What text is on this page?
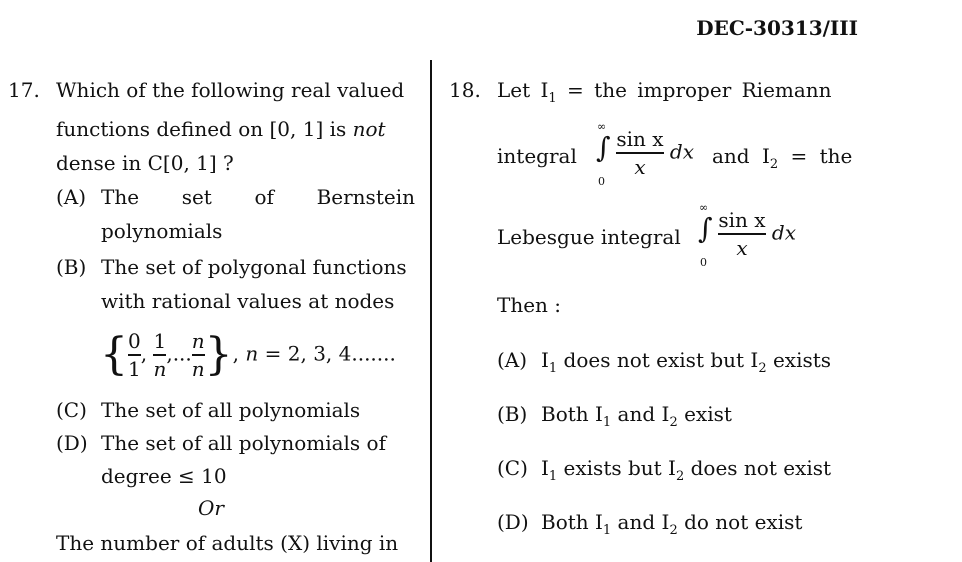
DEC-30313/III
17. Which of the following real valued
functions defined on [0, 1] is not
dense in C[0, 1] ?
(A) The set of Bernstein
polynomials
(B) The set of polygonal functions
with rational values at nodes
{ $\frac{0}{1}$ , $\frac{1}{n}$ ,... $\frac{n}{n}$ }, n = 2, 3, 4.......
(C) The set of all polynomials
(D) The set of all polynomials of
degree ≤ 10
Or
The number of adults (X) living in
18. Let $I_1$ = the improper Riemann
integral
∞
∫
0

$\frac{\text{sin x}}{x}$ dx and $I_2$ = the
Lebesgue integral
∞
∫
0

$\frac{\text{sin x}}{x}$ dx
Then :
(A) $I_1$ does not exist but $I_2$ exists
(B) Both $I_1$ and $I_2$ exist
(C) $I_1$ exists but $I_2$ does not exist
(D) Both $I_1$ and $I_2$ do not exist
